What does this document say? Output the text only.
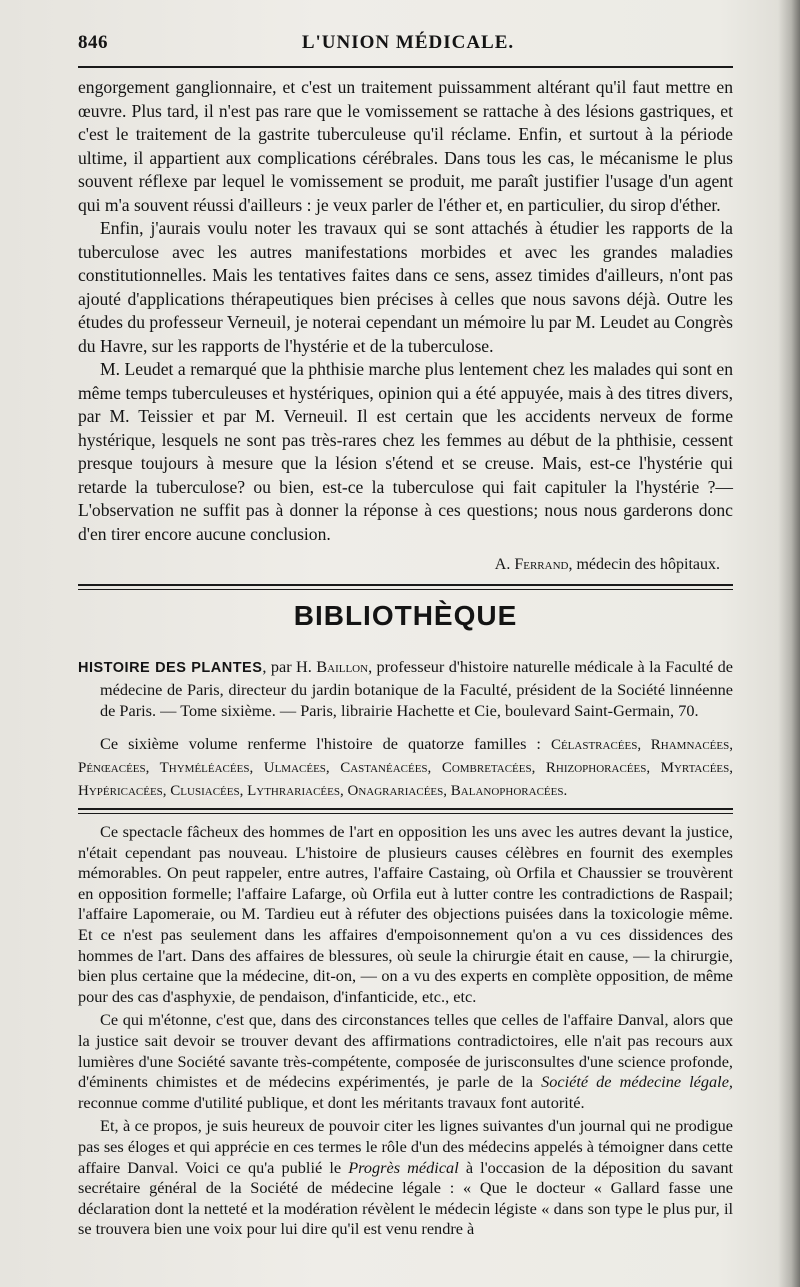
846	L'UNION MÉDICALE.

engorgement ganglionnaire, et c'est un traitement puissamment altérant qu'il faut mettre en œuvre. Plus tard, il n'est pas rare que le vomissement se rattache à des lésions gastriques, et c'est le traitement de la gastrite tuberculeuse qu'il réclame. Enfin, et surtout à la période ultime, il appartient aux complications cérébrales. Dans tous les cas, le mécanisme le plus souvent réflexe par lequel le vomissement se produit, me paraît justifier l'usage d'un agent qui m'a souvent réussi d'ailleurs : je veux parler de l'éther et, en particulier, du sirop d'éther.

Enfin, j'aurais voulu noter les travaux qui se sont attachés à étudier les rapports de la tuberculose avec les autres manifestations morbides et avec les grandes maladies constitutionnelles. Mais les tentatives faites dans ce sens, assez timides d'ailleurs, n'ont pas ajouté d'applications thérapeutiques bien précises à celles que nous savons déjà. Outre les études du professeur Verneuil, je noterai cependant un mémoire lu par M. Leudet au Congrès du Havre, sur les rapports de l'hystérie et de la tuberculose.

M. Leudet a remarqué que la phthisie marche plus lentement chez les malades qui sont en même temps tuberculeuses et hystériques, opinion qui a été appuyée, mais à des titres divers, par M. Teissier et par M. Verneuil. Il est certain que les accidents nerveux de forme hystérique, lesquels ne sont pas très-rares chez les femmes au début de la phthisie, cessent presque toujours à mesure que la lésion s'étend et se creuse. Mais, est-ce l'hystérie qui retarde la tuberculose? ou bien, est-ce la tuberculose qui fait capituler la l'hystérie ?—L'observation ne suffit pas à donner la réponse à ces questions; nous nous garderons donc d'en tirer encore aucune conclusion.

A. Ferrand, médecin des hôpitaux.
BIBLIOTHÈQUE

HISTOIRE DES PLANTES, par H. Baillon, professeur d'histoire naturelle médicale à la Faculté de médecine de Paris, directeur du jardin botanique de la Faculté, président de la Société linnéenne de Paris. — Tome sixième. — Paris, librairie Hachette et Cie, boulevard Saint-Germain, 70.

Ce sixième volume renferme l'histoire de quatorze familles : Célastracées, Rhamnacées, Pénœacées, Thyméléacées, Ulmacées, Castanéacées, Combretacées, Rhizophoracées, Myrtacées, Hypéricacées, Clusiacées, Lythrariacées, Onagrariacées, Balanophoracées.

Ce spectacle fâcheux des hommes de l'art en opposition les uns avec les autres devant la justice, n'était cependant pas nouveau. L'histoire de plusieurs causes célèbres en fournit des exemples mémorables. On peut rappeler, entre autres, l'affaire Castaing, où Orfila et Chaussier se trouvèrent en opposition formelle; l'affaire Lafarge, où Orfila eut à lutter contre les contradictions de Raspail; l'affaire Lapomeraie, ou M. Tardieu eut à réfuter des objections puisées dans la toxicologie même. Et ce n'est pas seulement dans les affaires d'empoisonnement qu'on a vu ces dissidences des hommes de l'art. Dans des affaires de blessures, où seule la chirurgie était en cause, — la chirurgie, bien plus certaine que la médecine, dit-on, — on a vu des experts en complète opposition, de même pour des cas d'asphyxie, de pendaison, d'infanticide, etc., etc.

Ce qui m'étonne, c'est que, dans des circonstances telles que celles de l'affaire Danval, alors que la justice sait devoir se trouver devant des affirmations contradictoires, elle n'ait pas recours aux lumières d'une Société savante très-compétente, composée de jurisconsultes d'une science profonde, d'éminents chimistes et de médecins expérimentés, je parle de la Société de médecine légale, reconnue comme d'utilité publique, et dont les méritants travaux font autorité.

Et, à ce propos, je suis heureux de pouvoir citer les lignes suivantes d'un journal qui ne prodigue pas ses éloges et qui apprécie en ces termes le rôle d'un des médecins appelés à témoigner dans cette affaire Danval. Voici ce qu'a publié le Progrès médical à l'occasion de la déposition du savant secrétaire général de la Société de médecine légale : « Que le docteur « Gallard fasse une déclaration dont la netteté et la modération révèlent le médecin légiste « dans son type le plus pur, il se trouvera bien une voix pour lui dire qu'il est venu rendre à
